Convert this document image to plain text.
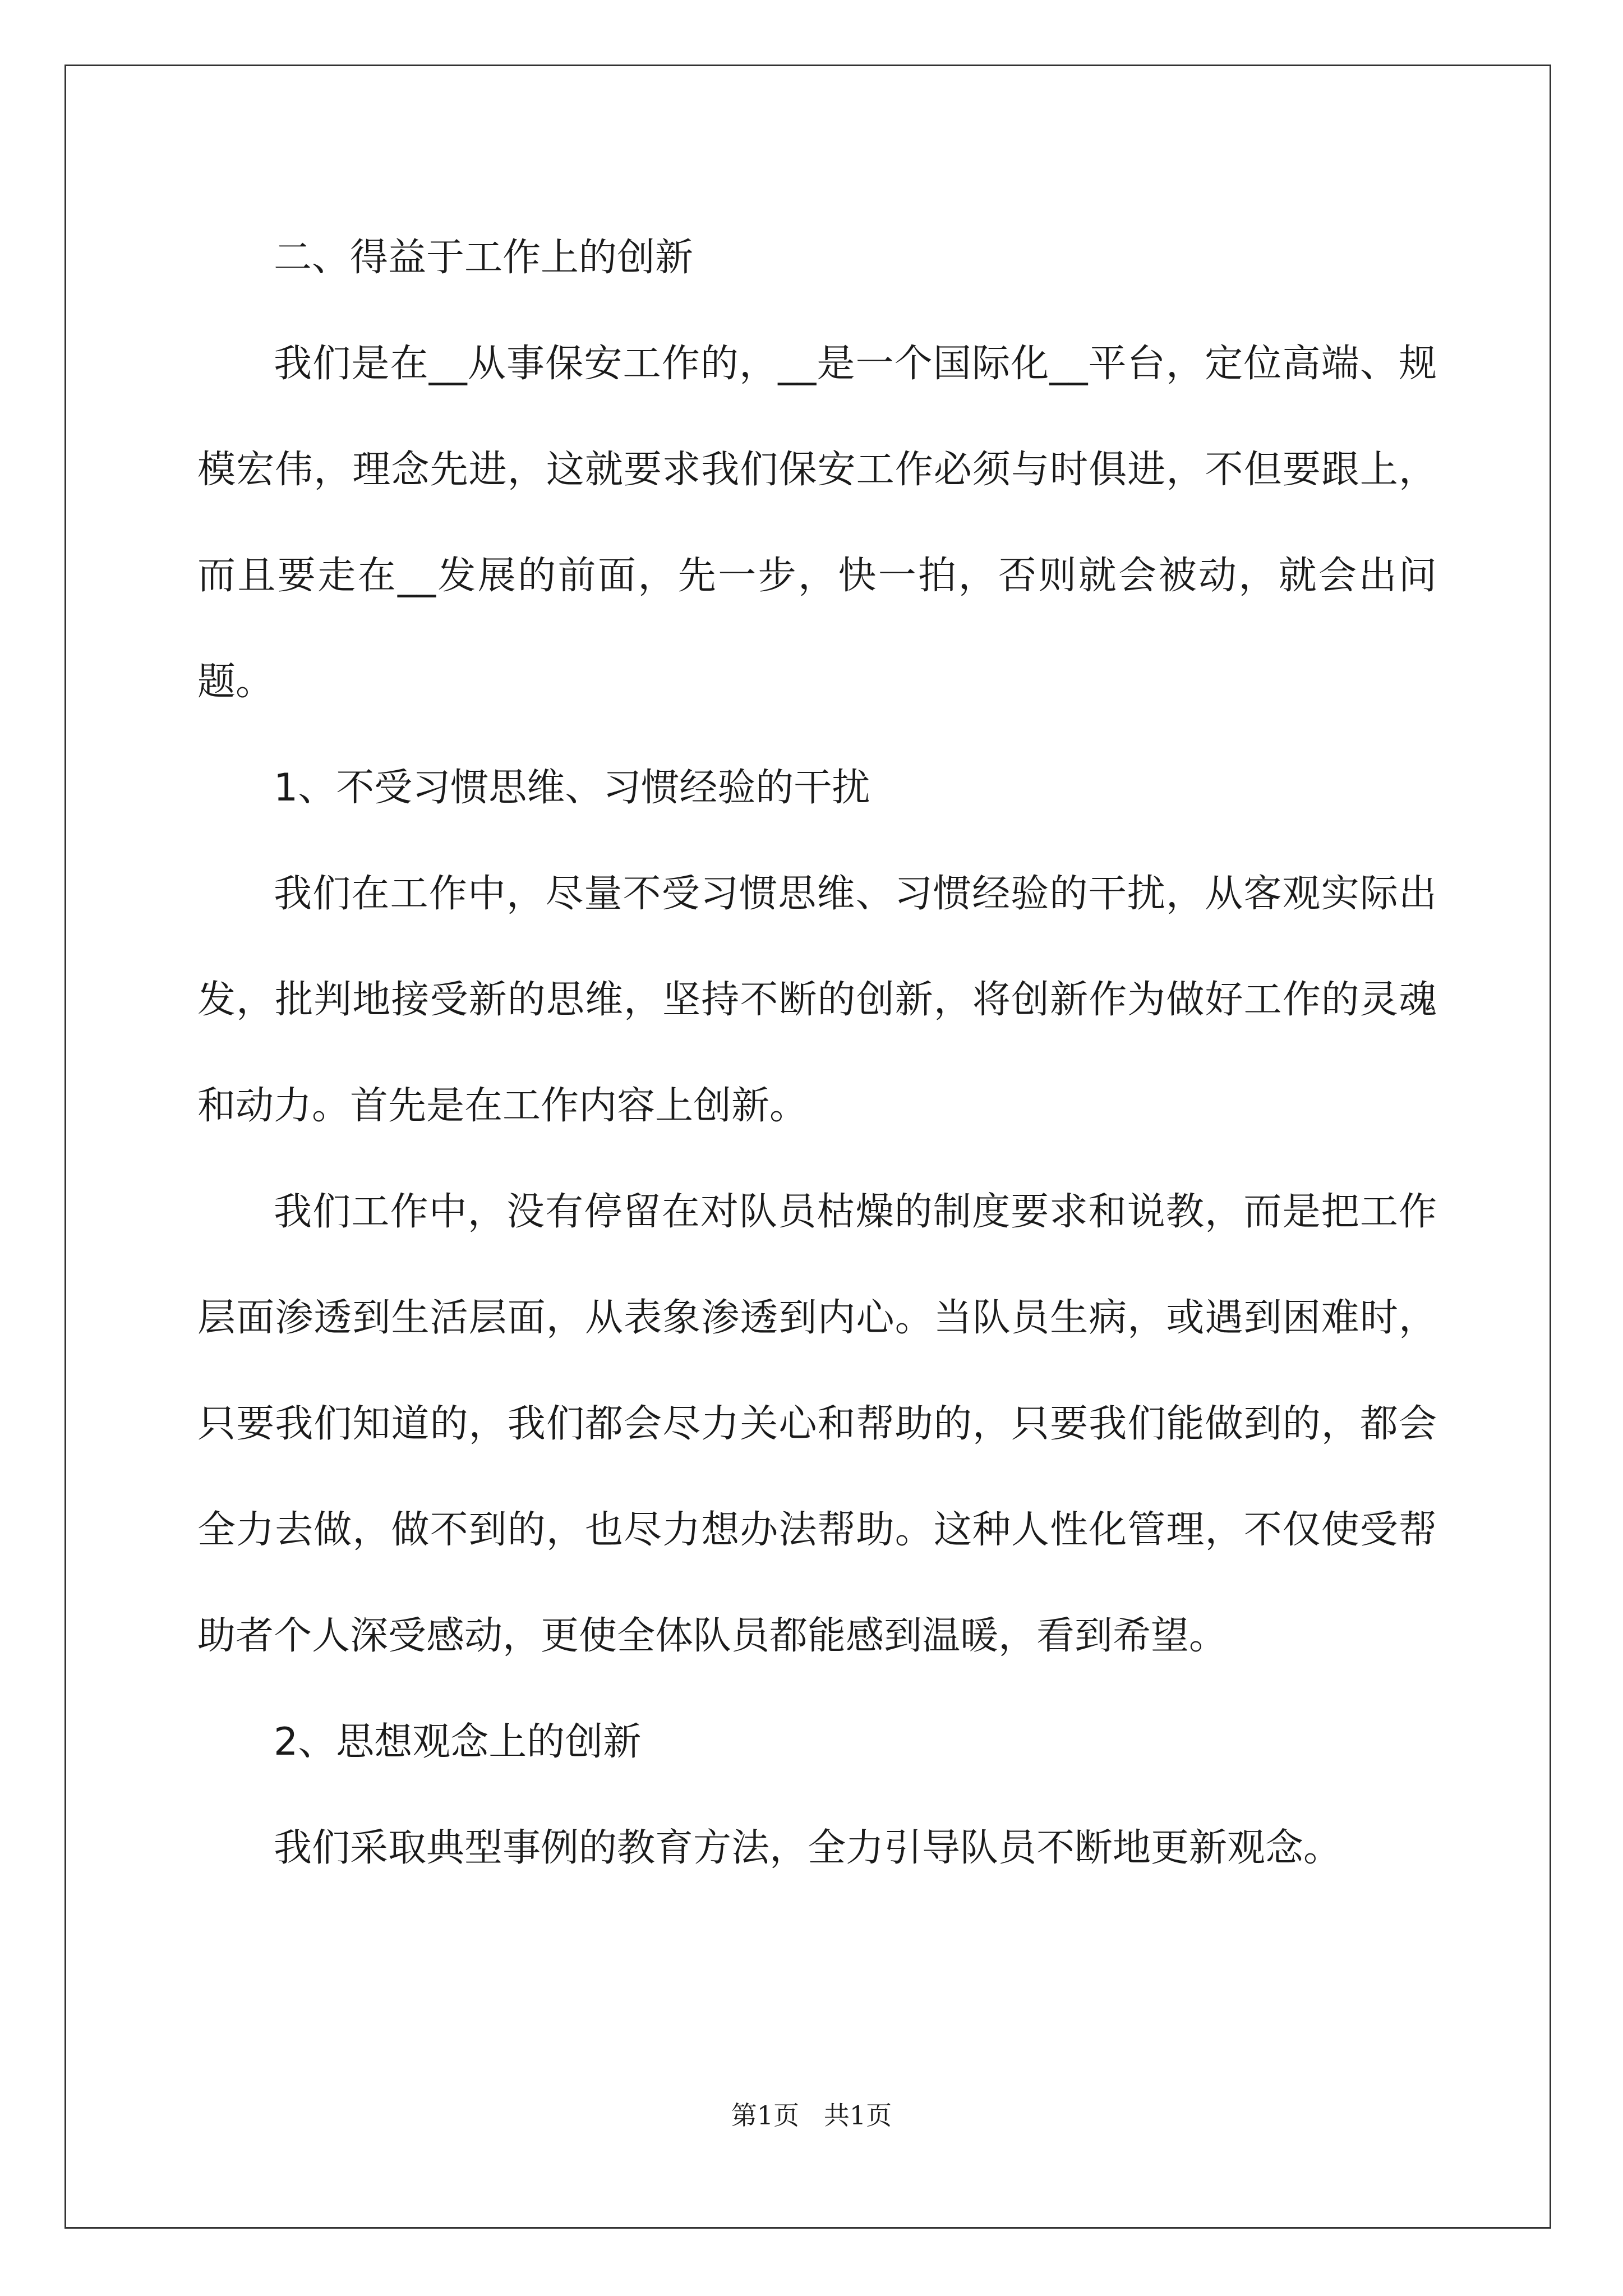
二、得益于工作上的创新

我们是在__从事保安工作的，__是一个国际化__平台，定位高端、规模宏伟，理念先进，这就要求我们保安工作必须与时俱进，不但要跟上，而且要走在__发展的前面，先一步，快一拍，否则就会被动，就会出问题。

1、不受习惯思维、习惯经验的干扰

我们在工作中，尽量不受习惯思维、习惯经验的干扰，从客观实际出发，批判地接受新的思维，坚持不断的创新，将创新作为做好工作的灵魂和动力。首先是在工作内容上创新。

我们工作中，没有停留在对队员枯燥的制度要求和说教，而是把工作层面渗透到生活层面，从表象渗透到内心。当队员生病，或遇到困难时，只要我们知道的，我们都会尽力关心和帮助的，只要我们能做到的，都会全力去做，做不到的，也尽力想办法帮助。这种人性化管理，不仅使受帮助者个人深受感动，更使全体队员都能感到温暖，看到希望。

2、思想观念上的创新

我们采取典型事例的教育方法，全力引导队员不断地更新观念。

第1页   共1页
